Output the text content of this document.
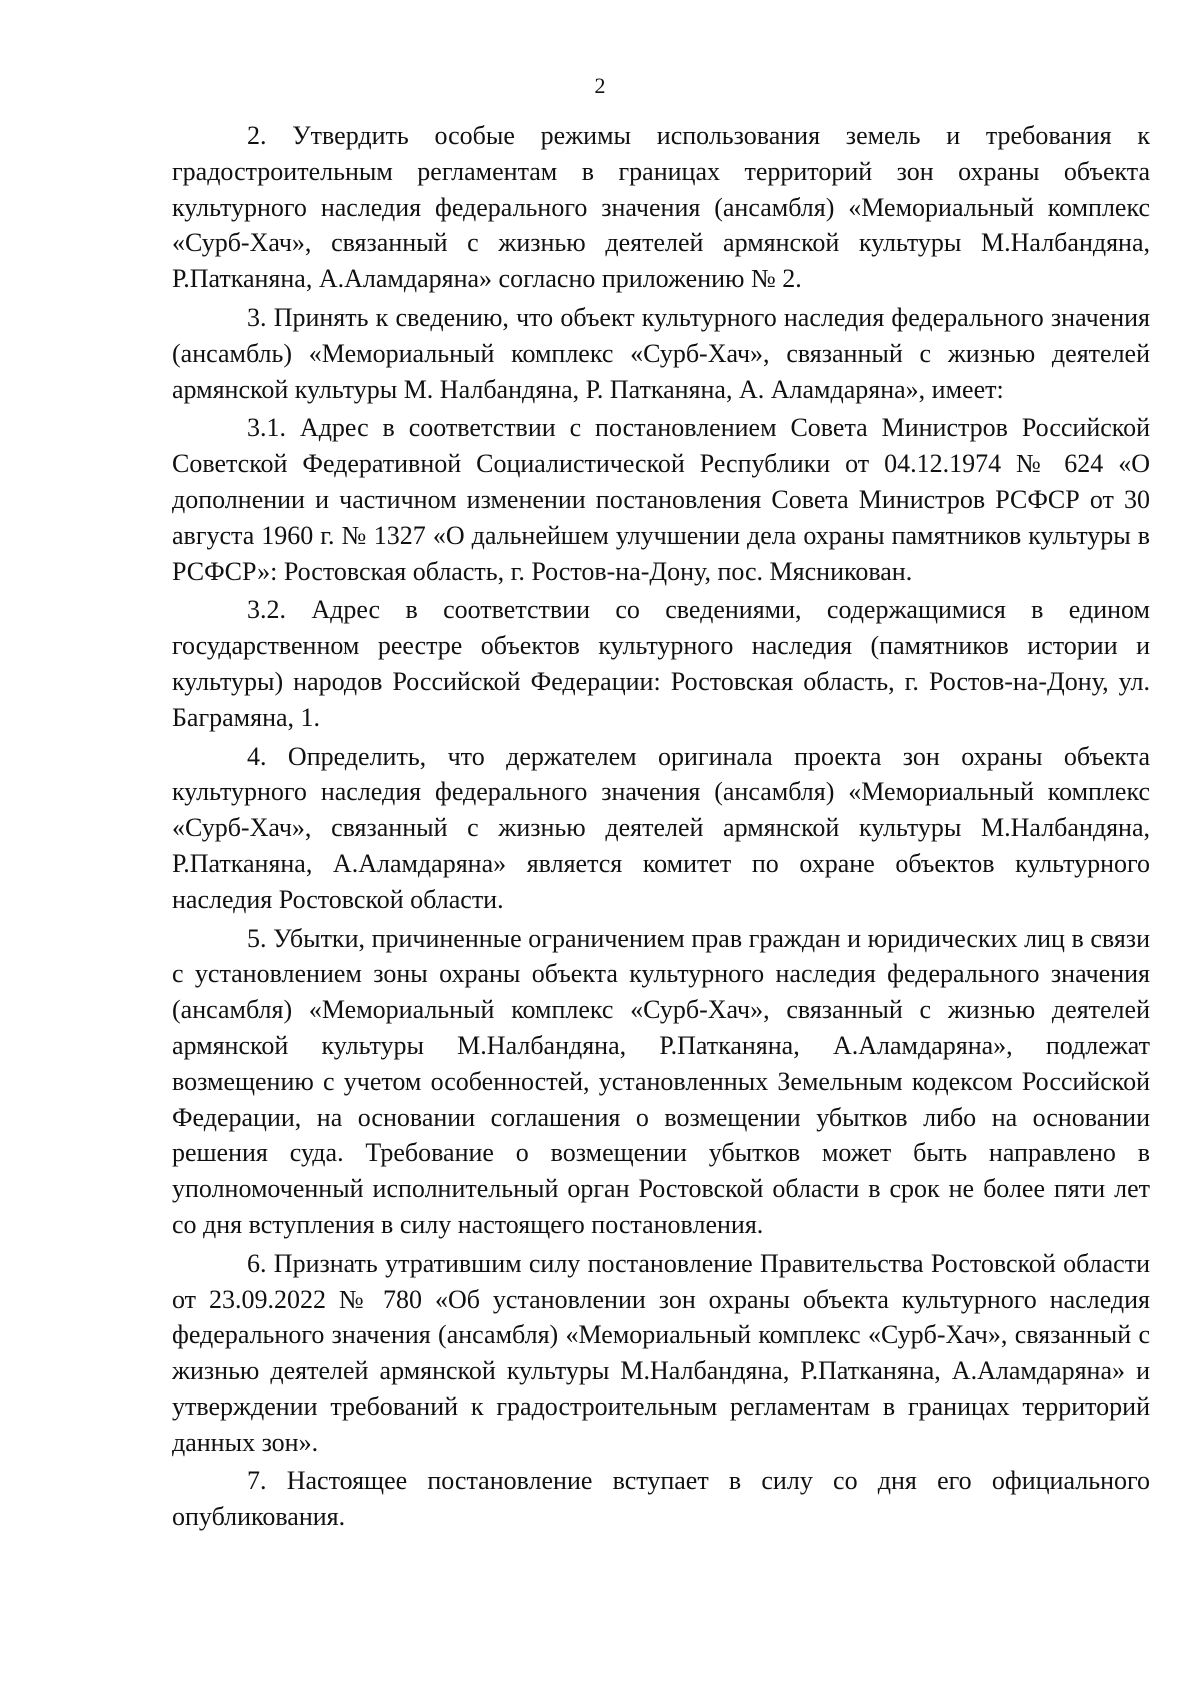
2

2. Утвердить особые режимы использования земель и требования к градостроительным регламентам в границах территорий зон охраны объекта культурного наследия федерального значения (ансамбля) «Мемориальный комплекс «Сурб-Хач», связанный с жизнью деятелей армянской культуры М.Налбандяна, Р.Патканяна, А.Аламдаряна» согласно приложению № 2.

3. Принять к сведению, что объект культурного наследия федерального значения (ансамбль) «Мемориальный комплекс «Сурб-Хач», связанный с жизнью деятелей армянской культуры М. Налбандяна, Р. Патканяна, А. Аламдаряна», имеет:

3.1. Адрес в соответствии с постановлением Совета Министров Российской Советской Федеративной Социалистической Республики от 04.12.1974 № 624 «О дополнении и частичном изменении постановления Совета Министров РСФСР от 30 августа 1960 г. № 1327 «О дальнейшем улучшении дела охраны памятников культуры в РСФСР»: Ростовская область, г. Ростов-на-Дону, пос. Мясникован.

3.2. Адрес в соответствии со сведениями, содержащимися в едином государственном реестре объектов культурного наследия (памятников истории и культуры) народов Российской Федерации: Ростовская область, г. Ростов-на-Дону, ул. Баграмяна, 1.

4. Определить, что держателем оригинала проекта зон охраны объекта культурного наследия федерального значения (ансамбля) «Мемориальный комплекс «Сурб-Хач», связанный с жизнью деятелей армянской культуры М.Налбандяна, Р.Патканяна, А.Аламдаряна» является комитет по охране объектов культурного наследия Ростовской области.

5. Убытки, причиненные ограничением прав граждан и юридических лиц в связи с установлением зоны охраны объекта культурного наследия федерального значения (ансамбля) «Мемориальный комплекс «Сурб-Хач», связанный с жизнью деятелей армянской культуры М.Налбандяна, Р.Патканяна, А.Аламдаряна», подлежат возмещению с учетом особенностей, установленных Земельным кодексом Российской Федерации, на основании соглашения о возмещении убытков либо на основании решения суда. Требование о возмещении убытков может быть направлено в уполномоченный исполнительный орган Ростовской области в срок не более пяти лет со дня вступления в силу настоящего постановления.

6. Признать утратившим силу постановление Правительства Ростовской области от 23.09.2022 № 780 «Об установлении зон охраны объекта культурного наследия федерального значения (ансамбля) «Мемориальный комплекс «Сурб-Хач», связанный с жизнью деятелей армянской культуры М.Налбандяна, Р.Патканяна, А.Аламдаряна» и утверждении требований к градостроительным регламентам в границах территорий данных зон».

7. Настоящее постановление вступает в силу со дня его официального опубликования.
